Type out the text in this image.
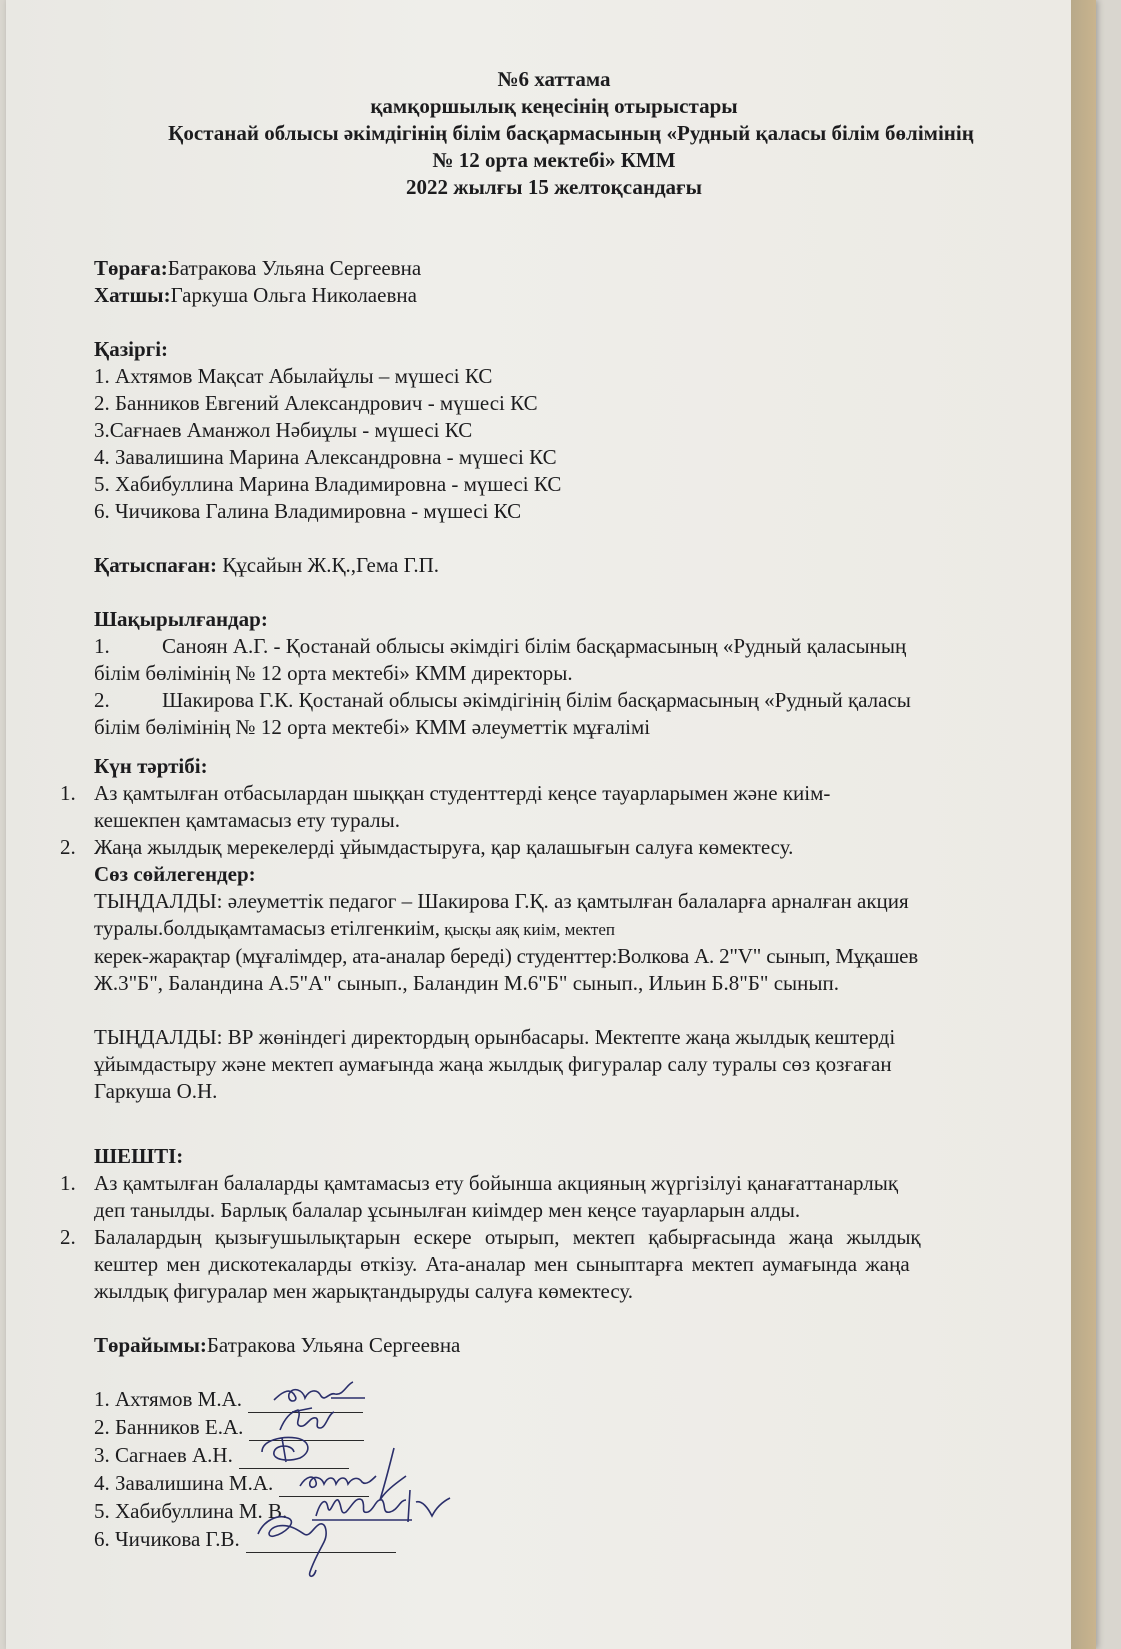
№6 хаттама
қамқоршылық кеңесінің отырыстары
Қостанай облысы әкімдігінің білім басқармасының «Рудный қаласы білім бөлімінің
№ 12 орта мектебі» КММ
2022 жылғы 15 желтоқсандағы
Төраға:Батракова Ульяна Сергеевна
Хатшы:Гаркуша Ольга Николаевна
Қазіргі:
1. Ахтямов Мақсат Абылайұлы – мүшесі КС
2. Банников Евгений Александрович - мүшесі КС
3.Сағнаев Аманжол Нәбиұлы - мүшесі КС
4. Завалишина Марина Александровна - мүшесі КС
5. Хабибуллина Марина Владимировна - мүшесі КС
6. Чичикова Галина Владимировна - мүшесі КС
Қатыспаған: Құсайын Ж.Қ.,Гема Г.П.
Шақырылғандар:
1. Саноян А.Г. - Қостанай облысы әкімдігі білім басқармасының «Рудный қаласының
білім бөлімінің № 12 орта мектебі» КММ директоры.
2. Шакирова Г.К. Қостанай облысы әкімдігінің білім басқармасының «Рудный қаласы
білім бөлімінің № 12 орта мектебі» КММ әлеуметтік мұғалімі
Күн тәртібі:
1. Аз қамтылған отбасылардан шыққан студенттерді кеңсе тауарларымен және киім-
кешекпен қамтамасыз ету туралы.
2. Жаңа жылдық мерекелерді ұйымдастыруға, қар қалашығын салуға көмектесу.
Сөз сөйлегендер:
ТЫҢДАЛДЫ: әлеуметтік педагог – Шакирова Г.Қ. аз қамтылған балаларға арналған акция
туралы.болдықамтамасыз етілгенкиім, қысқы аяқ киім, мектеп
керек-жарақтар (мұғалімдер, ата-аналар береді) студенттер:Волкова А. 2"V" сынып, Мұқашев
Ж.3"Б", Баландина А.5"А" сынып., Баландин М.6"Б" сынып., Ильин Б.8"Б" сынып.
ТЫҢДАЛДЫ: ВР жөніндегі директордың орынбасары. Мектепте жаңа жылдық кештерді
ұйымдастыру және мектеп аумағында жаңа жылдық фигуралар салу туралы сөз қозғаған
Гаркуша О.Н.
ШЕШТІ:
1. Аз қамтылған балаларды қамтамасыз ету бойынша акцияның жүргізілуі қанағаттанарлық
деп танылды. Барлық балалар ұсынылған киімдер мен кеңсе тауарларын алды.
2. Балалардың қызығушылықтарын ескере отырып, мектеп қабырғасында жаңа жылдық
кештер мен дискотекаларды өткізу. Ата-аналар мен сыныптарға мектеп аумағында жаңа
жылдық фигуралар мен жарықтандыруды салуға көмектесу.
Төрайымы:Батракова Ульяна Сергеевна
1. Ахтямов М.А.
2. Банников Е.А.
3. Сагнаев А.Н.
4. Завалишина М.А.
5. Хабибуллина М. В.
6. Чичикова Г.В.
